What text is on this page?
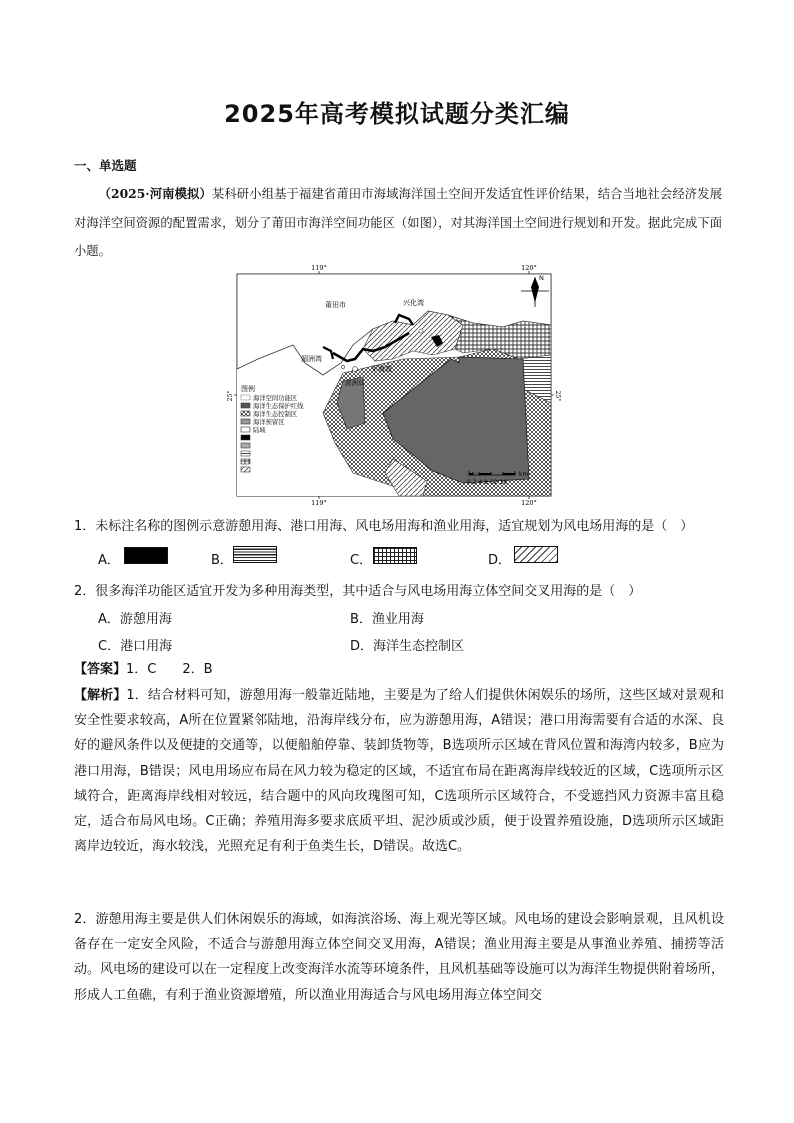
2025年高考模拟试题分类汇编
一、单选题
（2025·河南模拟）某科研小组基于福建省莆田市海域海洋国土空间开发适宜性评价结果，结合当地社会经济发展对海洋空间资源的配置需求，划分了莆田市海洋空间功能区（如图），对其海洋国土空间进行规划和开发。据此完成下面小题。
119°	120°
119°	120°
25°	25°
莆田市	兴化湾
湄洲湾
平海湾
湄洲岛
N
图例
海洋空间功能区
海洋生态保护红线
海洋生态控制区
海洋预留区
陆域
0 2 4 8 12 16
km
1．未标注名称的图例示意游憩用海、港口用海、风电场用海和渔业用海，适宜规划为风电场用海的是（　）
A．	B．	C．	D．
2．很多海洋功能区适宜开发为多种用海类型，其中适合与风电场用海立体空间交叉用海的是（　）
A．游憩用海	B．渔业用海
C．港口用海	D．海洋生态控制区
【答案】1．C　　2．B
【解析】1．结合材料可知，游憩用海一般靠近陆地，主要是为了给人们提供休闲娱乐的场所，这些区域对景观和安全性要求较高，A所在位置紧邻陆地，沿海岸线分布，应为游憩用海，A错误；港口用海需要有合适的水深、良好的避风条件以及便捷的交通等，以便船舶停靠、装卸货物等，B选项所示区域在背风位置和海湾内较多，B应为港口用海，B错误；风电用场应布局在风力较为稳定的区域，不适宜布局在距离海岸线较近的区域，C选项所示区域符合，距离海岸线相对较远，结合题中的风向玫瑰图可知，C选项所示区域符合，不受遮挡风力资源丰富且稳定，适合布局风电场。C正确；养殖用海多要求底质平坦、泥沙质或沙质，便于设置养殖设施，D选项所示区域距离岸边较近，海水较浅，光照充足有利于鱼类生长，D错误。故选C。
2．游憩用海主要是供人们休闲娱乐的海域，如海滨浴场、海上观光等区域。风电场的建设会影响景观，且风机设备存在一定安全风险，不适合与游憩用海立体空间交叉用海，A错误；渔业用海主要是从事渔业养殖、捕捞等活动。风电场的建设可以在一定程度上改变海洋水流等环境条件，且风机基础等设施可以为海洋生物提供附着场所，形成人工鱼礁，有利于渔业资源增殖，所以渔业用海适合与风电场用海立体空间交
